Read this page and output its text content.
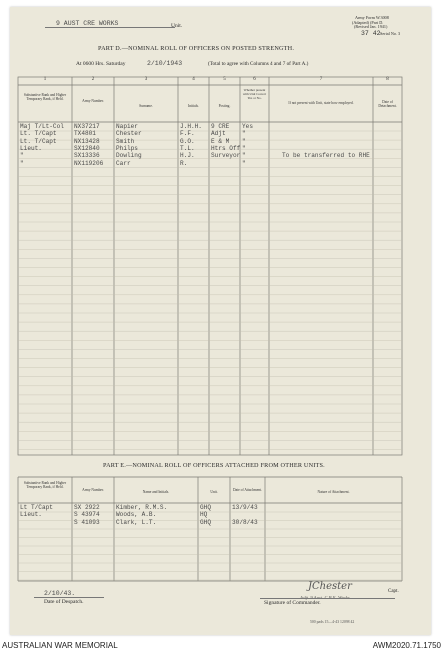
9 AUST CRE WORKS	Unit.
Army Form W.3008
(Adapted) (Part D.
(Revised Jan. 1941)
37 42 Serial No. 3
PART D.—NOMINAL ROLL OF OFFICERS ON POSTED STRENGTH.
At 0600 Hrs. Saturday	2/10/1943	(Total to agree with Columns 4 and 7 of Part A.)
1	2	3	4	5	6	7	8
Substantive Rank and Higher Temporary Rank, if Held.	Army Number.
Surname.	Initials.	Posting.
Whether present with Unit Correct Yes or No.
If not present with Unit, state how employed.	Date of Detachment.
Maj T/Lt-Col NX37217	Napier	J.H.H. 9 CRE Yes
Lt. T/Capt	TX4801	Chester	F.F.	Adjt	"
Lt. T/Capt	NX13428	Smith	G.O.	E & M "
Lieut.	SX12840	Philps	T.L.	Htrs Off "
"	SX13336	Dowling	H.J.	Surveyor "	To be transferred to RHE
"	NX119206 Carr	R.	"
PART E.—NOMINAL ROLL OF OFFICERS ATTACHED FROM OTHER UNITS.
Substantive Rank and Higher Temporary Rank, if Held.
Army Number.	Name and Initials.	Unit.	Date of Attachment.	Nature of Attachment.
Lt T/Capt	SX 2922	Kimber, R.M.S.	GHQ	13/9/43
Lieut.	S 43974	Woods, A.B.	HQ
S 41093	Clark, L.T.	GHQ	30/8/43
2/10/43.
Date of Despatch.
JChester	Capt.
Adjt. 9 Aust. C.R.E. Works
Signature of Commander.
500 pads 15—4-43 12098 42
AUSTRALIAN WAR MEMORIAL	AWM2020.71.1750
